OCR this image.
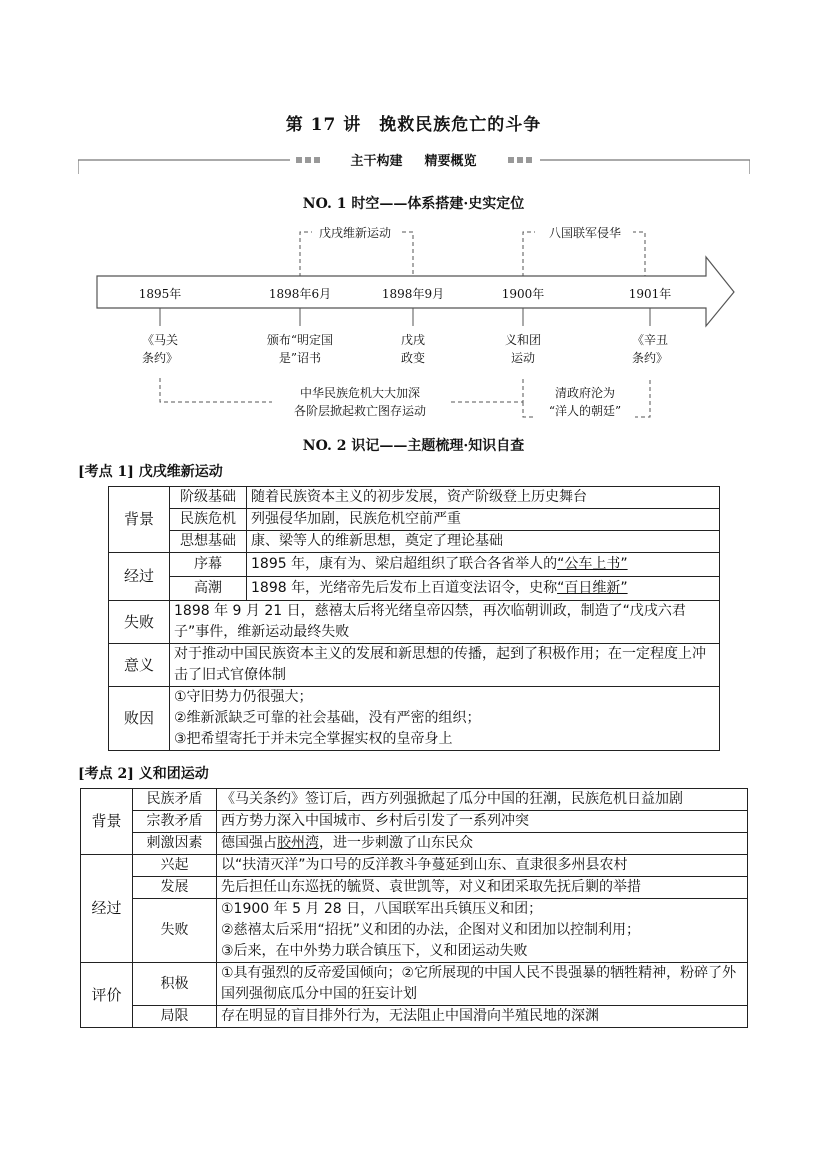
第 17 讲　挽救民族危亡的斗争
主干构建 精要概览
NO. 1 时空——体系搭建·史实定位
戊戌维新运动	八国联军侵华
1895年	1898年6月	1898年9月	1900年	1901年
《马关
条约》
颁布“明定国
是”诏书
戊戌
政变
义和团
运动
《辛丑
条约》
中华民族危机大大加深
各阶层掀起救亡图存运动
清政府沦为
“洋人的朝廷”
NO. 2 识记——主题梳理·知识自查
[考点 1] 戊戌维新运动
背景	阶级基础	随着民族资本主义的初步发展，资产阶级登上历史舞台
	民族危机	列强侵华加剧，民族危机空前严重
	思想基础	康、梁等人的维新思想，奠定了理论基础
经过	序幕	1895 年，康有为、梁启超组织了联合各省举人的“公车上书”
	高潮	1898 年，光绪帝先后发布上百道变法诏令，史称“百日维新”
失败	1898 年 9 月 21 日，慈禧太后将光绪皇帝囚禁，再次临朝训政，制造了“戊戌六君子”事件，维新运动最终失败	
意义	对于推动中国民族资本主义的发展和新思想的传播，起到了积极作用；在一定程度上冲击了旧式官僚体制	
败因	①守旧势力仍很强大；
②维新派缺乏可靠的社会基础，没有严密的组织；
③把希望寄托于并未完全掌握实权的皇帝身上	
[考点 2] 义和团运动
背景	民族矛盾	《马关条约》签订后，西方列强掀起了瓜分中国的狂潮，民族危机日益加剧
	宗教矛盾	西方势力深入中国城市、乡村后引发了一系列冲突
	刺激因素	德国强占胶州湾，进一步刺激了山东民众
经过	兴起	以“扶清灭洋”为口号的反洋教斗争蔓延到山东、直隶很多州县农村
	发展	先后担任山东巡抚的毓贤、袁世凯等，对义和团采取先抚后剿的举措
	失败	①1900 年 5 月 28 日，八国联军出兵镇压义和团；
②慈禧太后采用“招抚”义和团的办法，企图对义和团加以控制利用；
③后来，在中外势力联合镇压下，义和团运动失败
评价	积极	①具有强烈的反帝爱国倾向；②它所展现的中国人民不畏强暴的牺牲精神，粉碎了外国列强彻底瓜分中国的狂妄计划
	局限	存在明显的盲目排外行为，无法阻止中国滑向半殖民地的深渊
